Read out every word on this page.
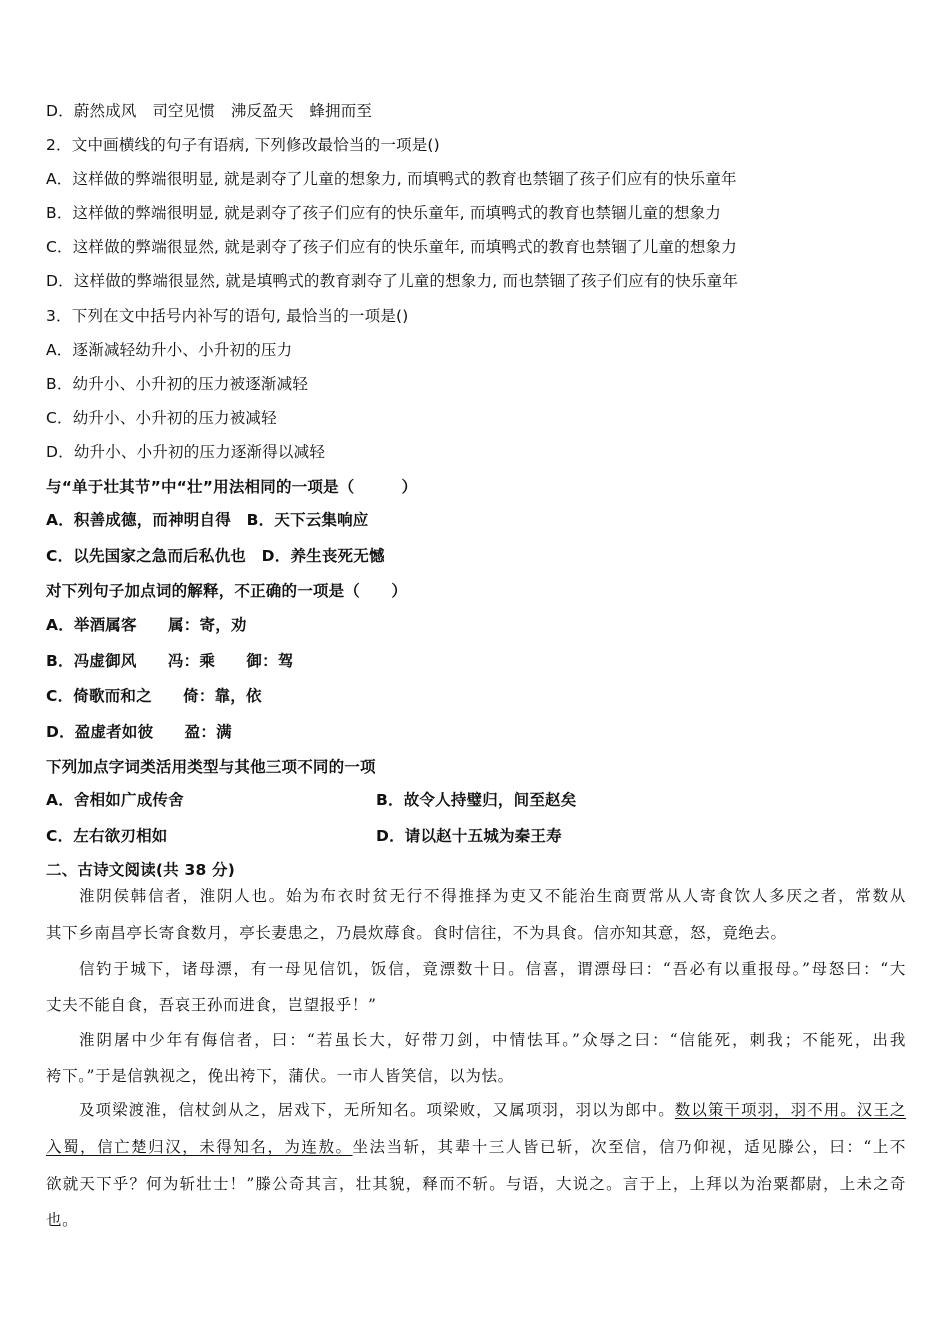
D．蔚然成风　司空见惯　沸反盈天　蜂拥而至
2．文中画横线的句子有语病, 下列修改最恰当的一项是()
A．这样做的弊端很明显, 就是剥夺了儿童的想象力, 而填鸭式的教育也禁锢了孩子们应有的快乐童年
B．这样做的弊端很明显, 就是剥夺了孩子们应有的快乐童年, 而填鸭式的教育也禁锢儿童的想象力
C．这样做的弊端很显然, 就是剥夺了孩子们应有的快乐童年, 而填鸭式的教育也禁锢了儿童的想象力
D．这样做的弊端很显然, 就是填鸭式的教育剥夺了儿童的想象力, 而也禁锢了孩子们应有的快乐童年
3．下列在文中括号内补写的语句, 最恰当的一项是()
A．逐渐减轻幼升小、小升初的压力
B．幼升小、小升初的压力被逐渐减轻
C．幼升小、小升初的压力被减轻
D．幼升小、小升初的压力逐渐得以减轻
与“单于壮其节”中“壮”用法相同的一项是（　　　）
A．积善成德，而神明自得　B．天下云集响应
C．以先国家之急而后私仇也　D．养生丧死无憾
对下列句子加点词的解释，不正确的一项是（　　）
A．举酒属客　　属：寄，劝
B．冯虚御风　　冯：乘　　御：驾
C．倚歌而和之　　倚：靠，依
D．盈虚者如彼　　盈：满
下列加点字词类活用类型与其他三项不同的一项
A．舍相如广成传舍	B．故令人持璧归，间至赵矣
C．左右欲刃相如	D．请以赵十五城为秦王寿
二、古诗文阅读(共 38 分)
淮阴侯韩信者，淮阴人也。始为布衣时贫无行不得推择为吏又不能治生商贾常从人寄食饮人多厌之者，常数从
其下乡南昌亭长寄食数月，亭长妻患之，乃晨炊蓐食。食时信往，不为具食。信亦知其意，怒，竟绝去。
信钓于城下，诸母漂，有一母见信饥，饭信，竟漂数十日。信喜，谓漂母曰：“吾必有以重报母。”母怒曰：“大
丈夫不能自食，吾哀王孙而进食，岂望报乎！”
淮阴屠中少年有侮信者，曰：“若虽长大，好带刀剑，中情怯耳。”众辱之曰：“信能死，刺我；不能死，出我
袴下。”于是信孰视之，俛出袴下，蒲伏。一市人皆笑信，以为怯。
及项梁渡淮，信杖剑从之，居戏下，无所知名。项梁败，又属项羽，羽以为郎中。数以策干项羽，羽不用。汉王之
入蜀，信亡楚归汉，未得知名，为连敖。坐法当斩，其辈十三人皆已斩，次至信，信乃仰视，适见滕公，曰：“上不
欲就天下乎？何为斩壮士！”滕公奇其言，壮其貌，释而不斩。与语，大说之。言于上，上拜以为治粟都尉，上未之奇
也。
